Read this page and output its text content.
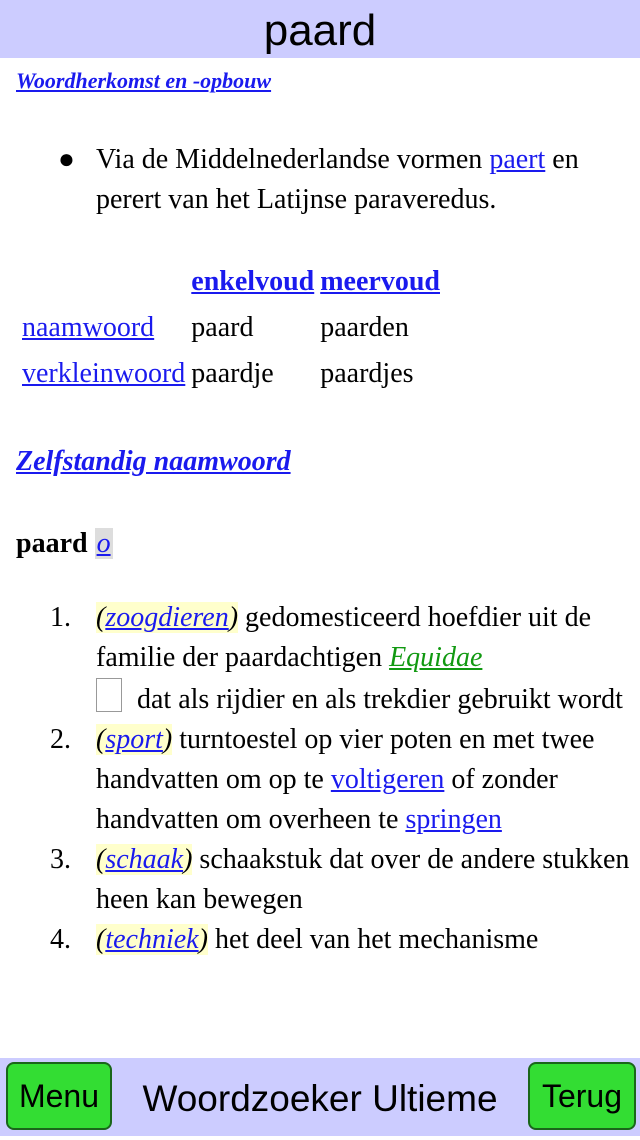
paard
Woordherkomst en -opbouw
● Via de Middelnederlandse vormen paert en perert van het Latijnse paraveredus.
	enkelvoud	meervoud
naamwoord	paard	paarden
verkleinwoord	paardje	paardjes
Zelfstandig naamwoord
paard o
1. (zoogdieren) gedomesticeerd hoefdier uit de familie der paardachtigen Equidae
dat als rijdier en als trekdier gebruikt wordt
2. (sport) turntoestel op vier poten en met twee handvatten om op te voltigeren of zonder handvatten om overheen te springen
3. (schaak) schaakstuk dat over de andere stukken heen kan bewegen
4. (techniek) het deel van het mechanisme
Menu	Woordzoeker Ultieme	Terug
